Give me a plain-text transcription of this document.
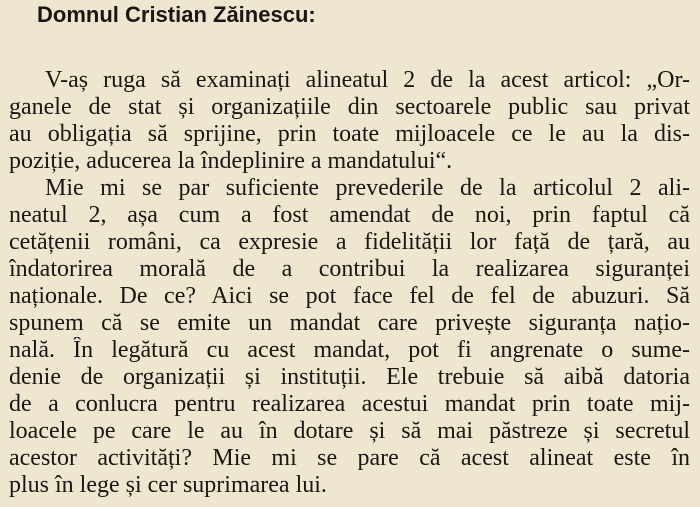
Domnul Cristian Zăinescu:
V-aș ruga să examinați alineatul 2 de la acest articol: „Or-
ganele de stat și organizațiile din sectoarele public sau privat
au obligația să sprijine, prin toate mijloacele ce le au la dis-
poziție, aducerea la îndeplinire a mandatului“.
Mie mi se par suficiente prevederile de la articolul 2 ali-
neatul 2, așa cum a fost amendat de noi, prin faptul că
cetățenii români, ca expresie a fidelității lor față de țară, au
îndatorirea morală de a contribui la realizarea siguranței
naționale. De ce? Aici se pot face fel de fel de abuzuri. Să
spunem că se emite un mandat care privește siguranța națio-
nală. În legătură cu acest mandat, pot fi angrenate o sume-
denie de organizații și instituții. Ele trebuie să aibă datoria
de a conlucra pentru realizarea acestui mandat prin toate mij-
loacele pe care le au în dotare și să mai păstreze și secretul
acestor activități? Mie mi se pare că acest alineat este în
plus în lege și cer suprimarea lui.
